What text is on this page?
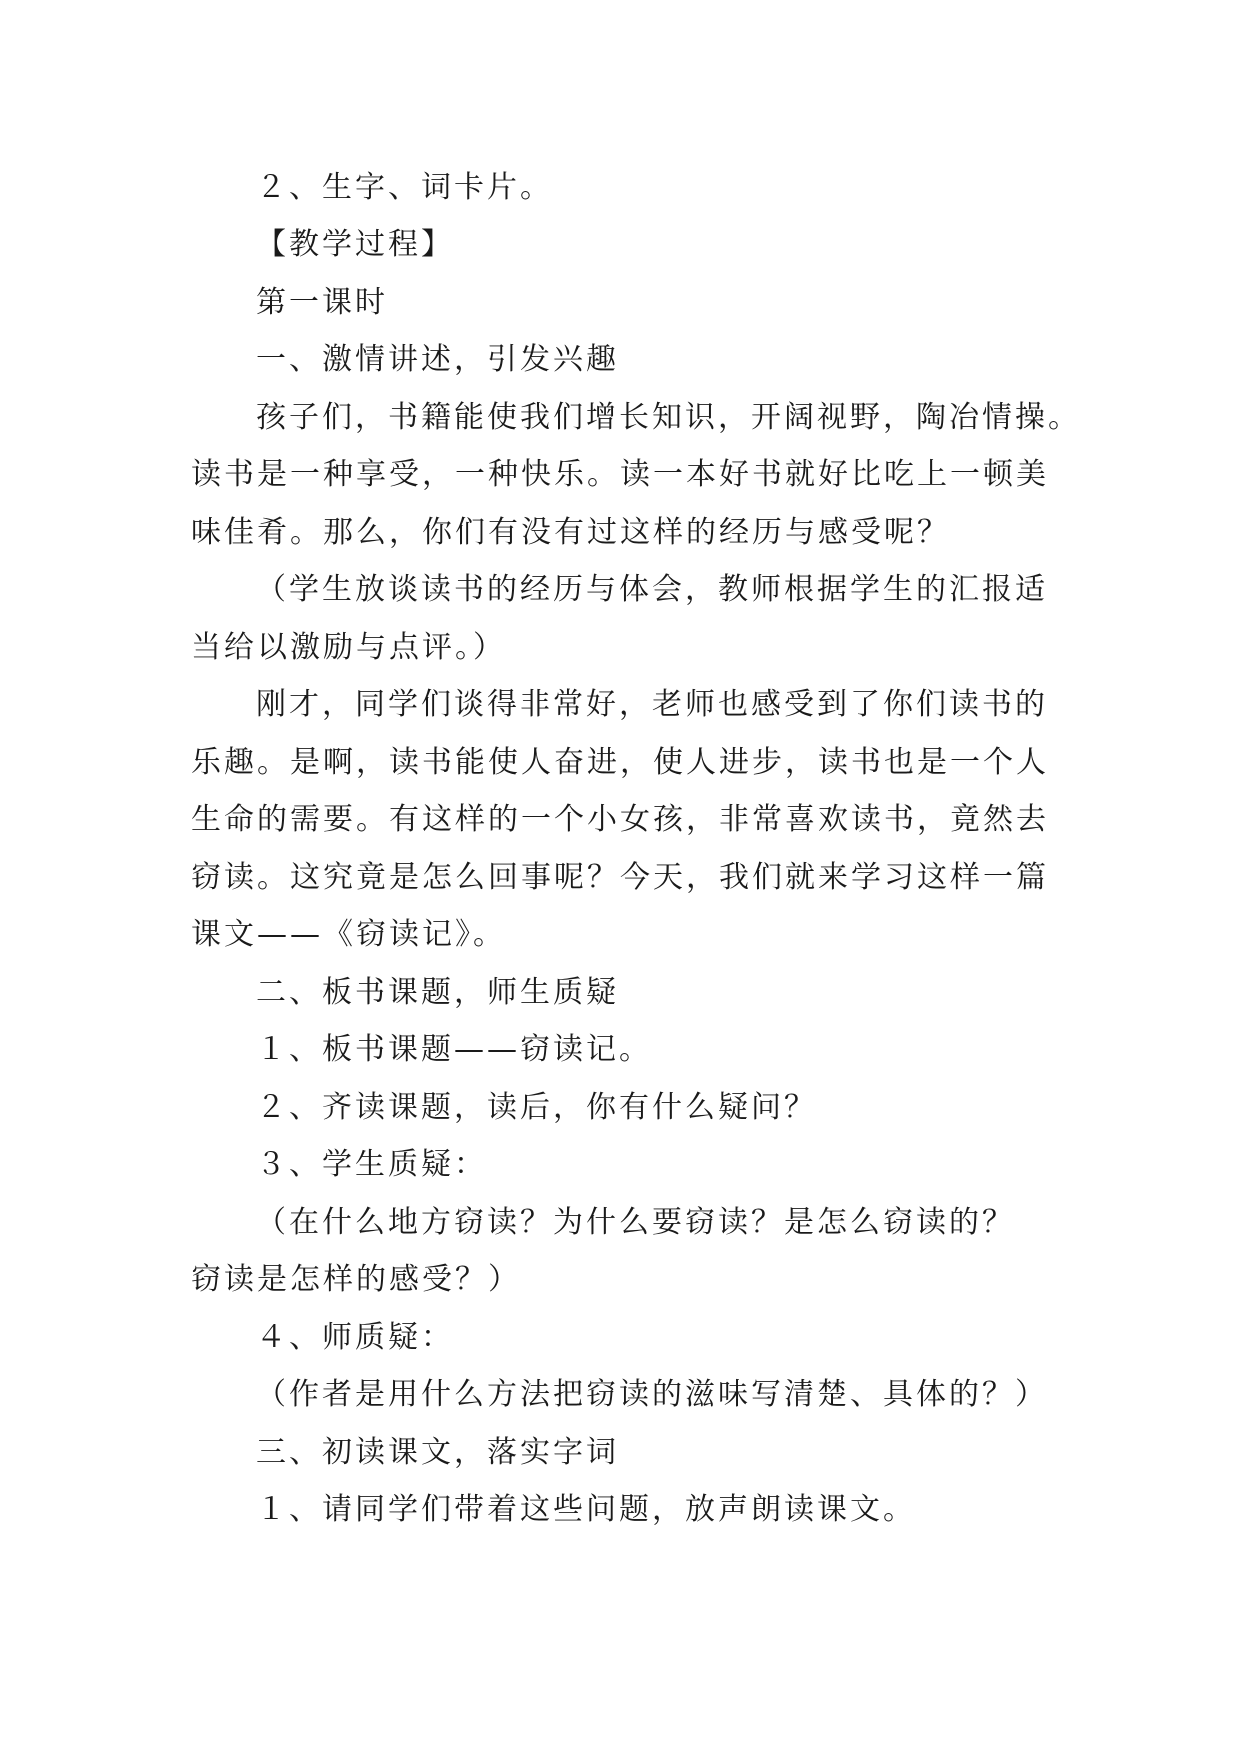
２、生字、词卡片。
【教学过程】
第一课时
一、激情讲述，引发兴趣
孩子们，书籍能使我们增长知识，开阔视野，陶冶情操。
读书是一种享受，一种快乐。读一本好书就好比吃上一顿美
味佳肴。那么，你们有没有过这样的经历与感受呢？
（学生放谈读书的经历与体会，教师根据学生的汇报适
当给以激励与点评。）
刚才，同学们谈得非常好，老师也感受到了你们读书的
乐趣。是啊，读书能使人奋进，使人进步，读书也是一个人
生命的需要。有这样的一个小女孩，非常喜欢读书，竟然去
窃读。这究竟是怎么回事呢？今天，我们就来学习这样一篇
课文——《窃读记》。
二、板书课题，师生质疑
１、板书课题——窃读记。
２、齐读课题，读后，你有什么疑问？
３、学生质疑：
（在什么地方窃读？为什么要窃读？是怎么窃读的？
窃读是怎样的感受？）
４、师质疑：
（作者是用什么方法把窃读的滋味写清楚、具体的？）
三、初读课文，落实字词
１、请同学们带着这些问题，放声朗读课文。
